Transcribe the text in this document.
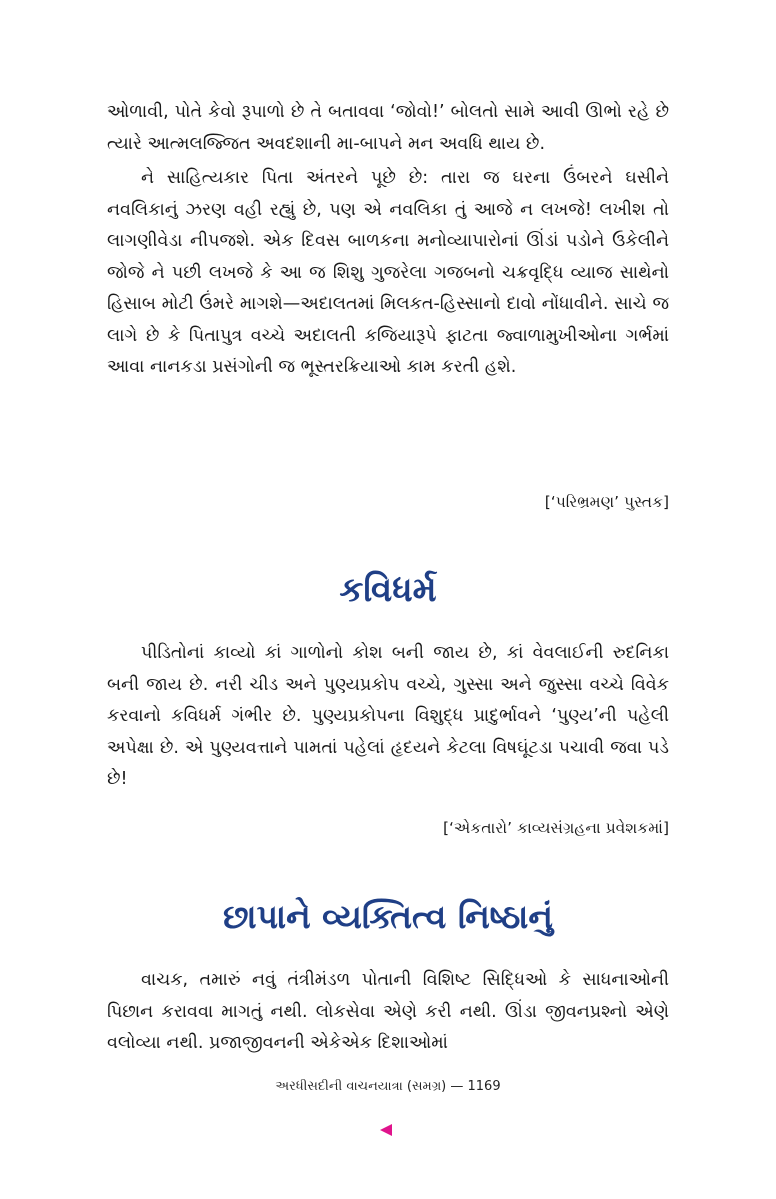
ઓળાવી, પોતે કેવો રૂપાળો છે તે બતાવવા ‘જોવો!’ બોલતો સામે આવી ઊભો રહે છે ત્યારે આત્મલજ્જિત અવદશાની મા-બાપને મન અવધિ થાય છે.

ને સાહિત્યકાર પિતા અંતરને પૂછે છે: તારા જ ઘરના ઉંબરને ઘસીને નવલિકાનું ઝરણ વહી રહ્યું છે, પણ એ નવલિકા તું આજે ન લખજે! લખીશ તો લાગણીવેડા નીપજશે. એક દિવસ બાળકના મનોવ્યાપારોનાં ઊંડાં પડોને ઉકેલીને જોજે ને પછી લખજે કે આ જ શિશુ ગુજરેલા ગજબનો ચક્રવૃદ્ધિ વ્યાજ સાથેનો હિસાબ મોટી ઉંમરે માગશે—અદાલતમાં મિલકત-હિસ્સાનો દાવો નોંધાવીને. સાચે જ લાગે છે કે પિતાપુત્ર વચ્ચે અદાલતી કજિયારૂપે ફાટતા જ્વાળામુખીઓના ગર્ભમાં આવા નાનકડા પ્રસંગોની જ ભૂસ્તરક્રિયાઓ કામ કરતી હશે.

[‘પરિભ્રમણ’ પુસ્તક]
કવિધર્મ

પીડિતોનાં કાવ્યો કાં ગાળોનો કોશ બની જાય છે, કાં વેવલાઈની રુદનિકા બની જાય છે. નરી ચીડ અને પુણ્યપ્રકોપ વચ્ચે, ગુસ્સા અને જુસ્સા વચ્ચે વિવેક કરવાનો કવિધર્મ ગંભીર છે. પુણ્યપ્રકોપના વિશુદ્ધ પ્રાદુર્ભાવને ‘પુણ્ય’ની પહેલી અપેક્ષા છે. એ પુણ્યવત્તાને પામતાં પહેલાં હૃદયને કેટલા વિષઘૂંટડા પચાવી જવા પડે છે!

[‘એકતારો’ કાવ્યસંગ્રહના પ્રવેશકમાં]
છાપાને વ્યક્તિત્વ નિષ્ઠાનું

વાચક, તમારું નવું તંત્રીમંડળ પોતાની વિશિષ્ટ સિદ્ધિઓ કે સાધનાઓની પિછાન કરાવવા માગતું નથી. લોકસેવા એણે કરી નથી. ઊંડા જીવનપ્રશ્નો એણે વલોવ્યા નથી. પ્રજાજીવનની એકેએક દિશાઓમાં

અરધીસદીની વાચનયાત્રા (સમગ્ર) — 1169
